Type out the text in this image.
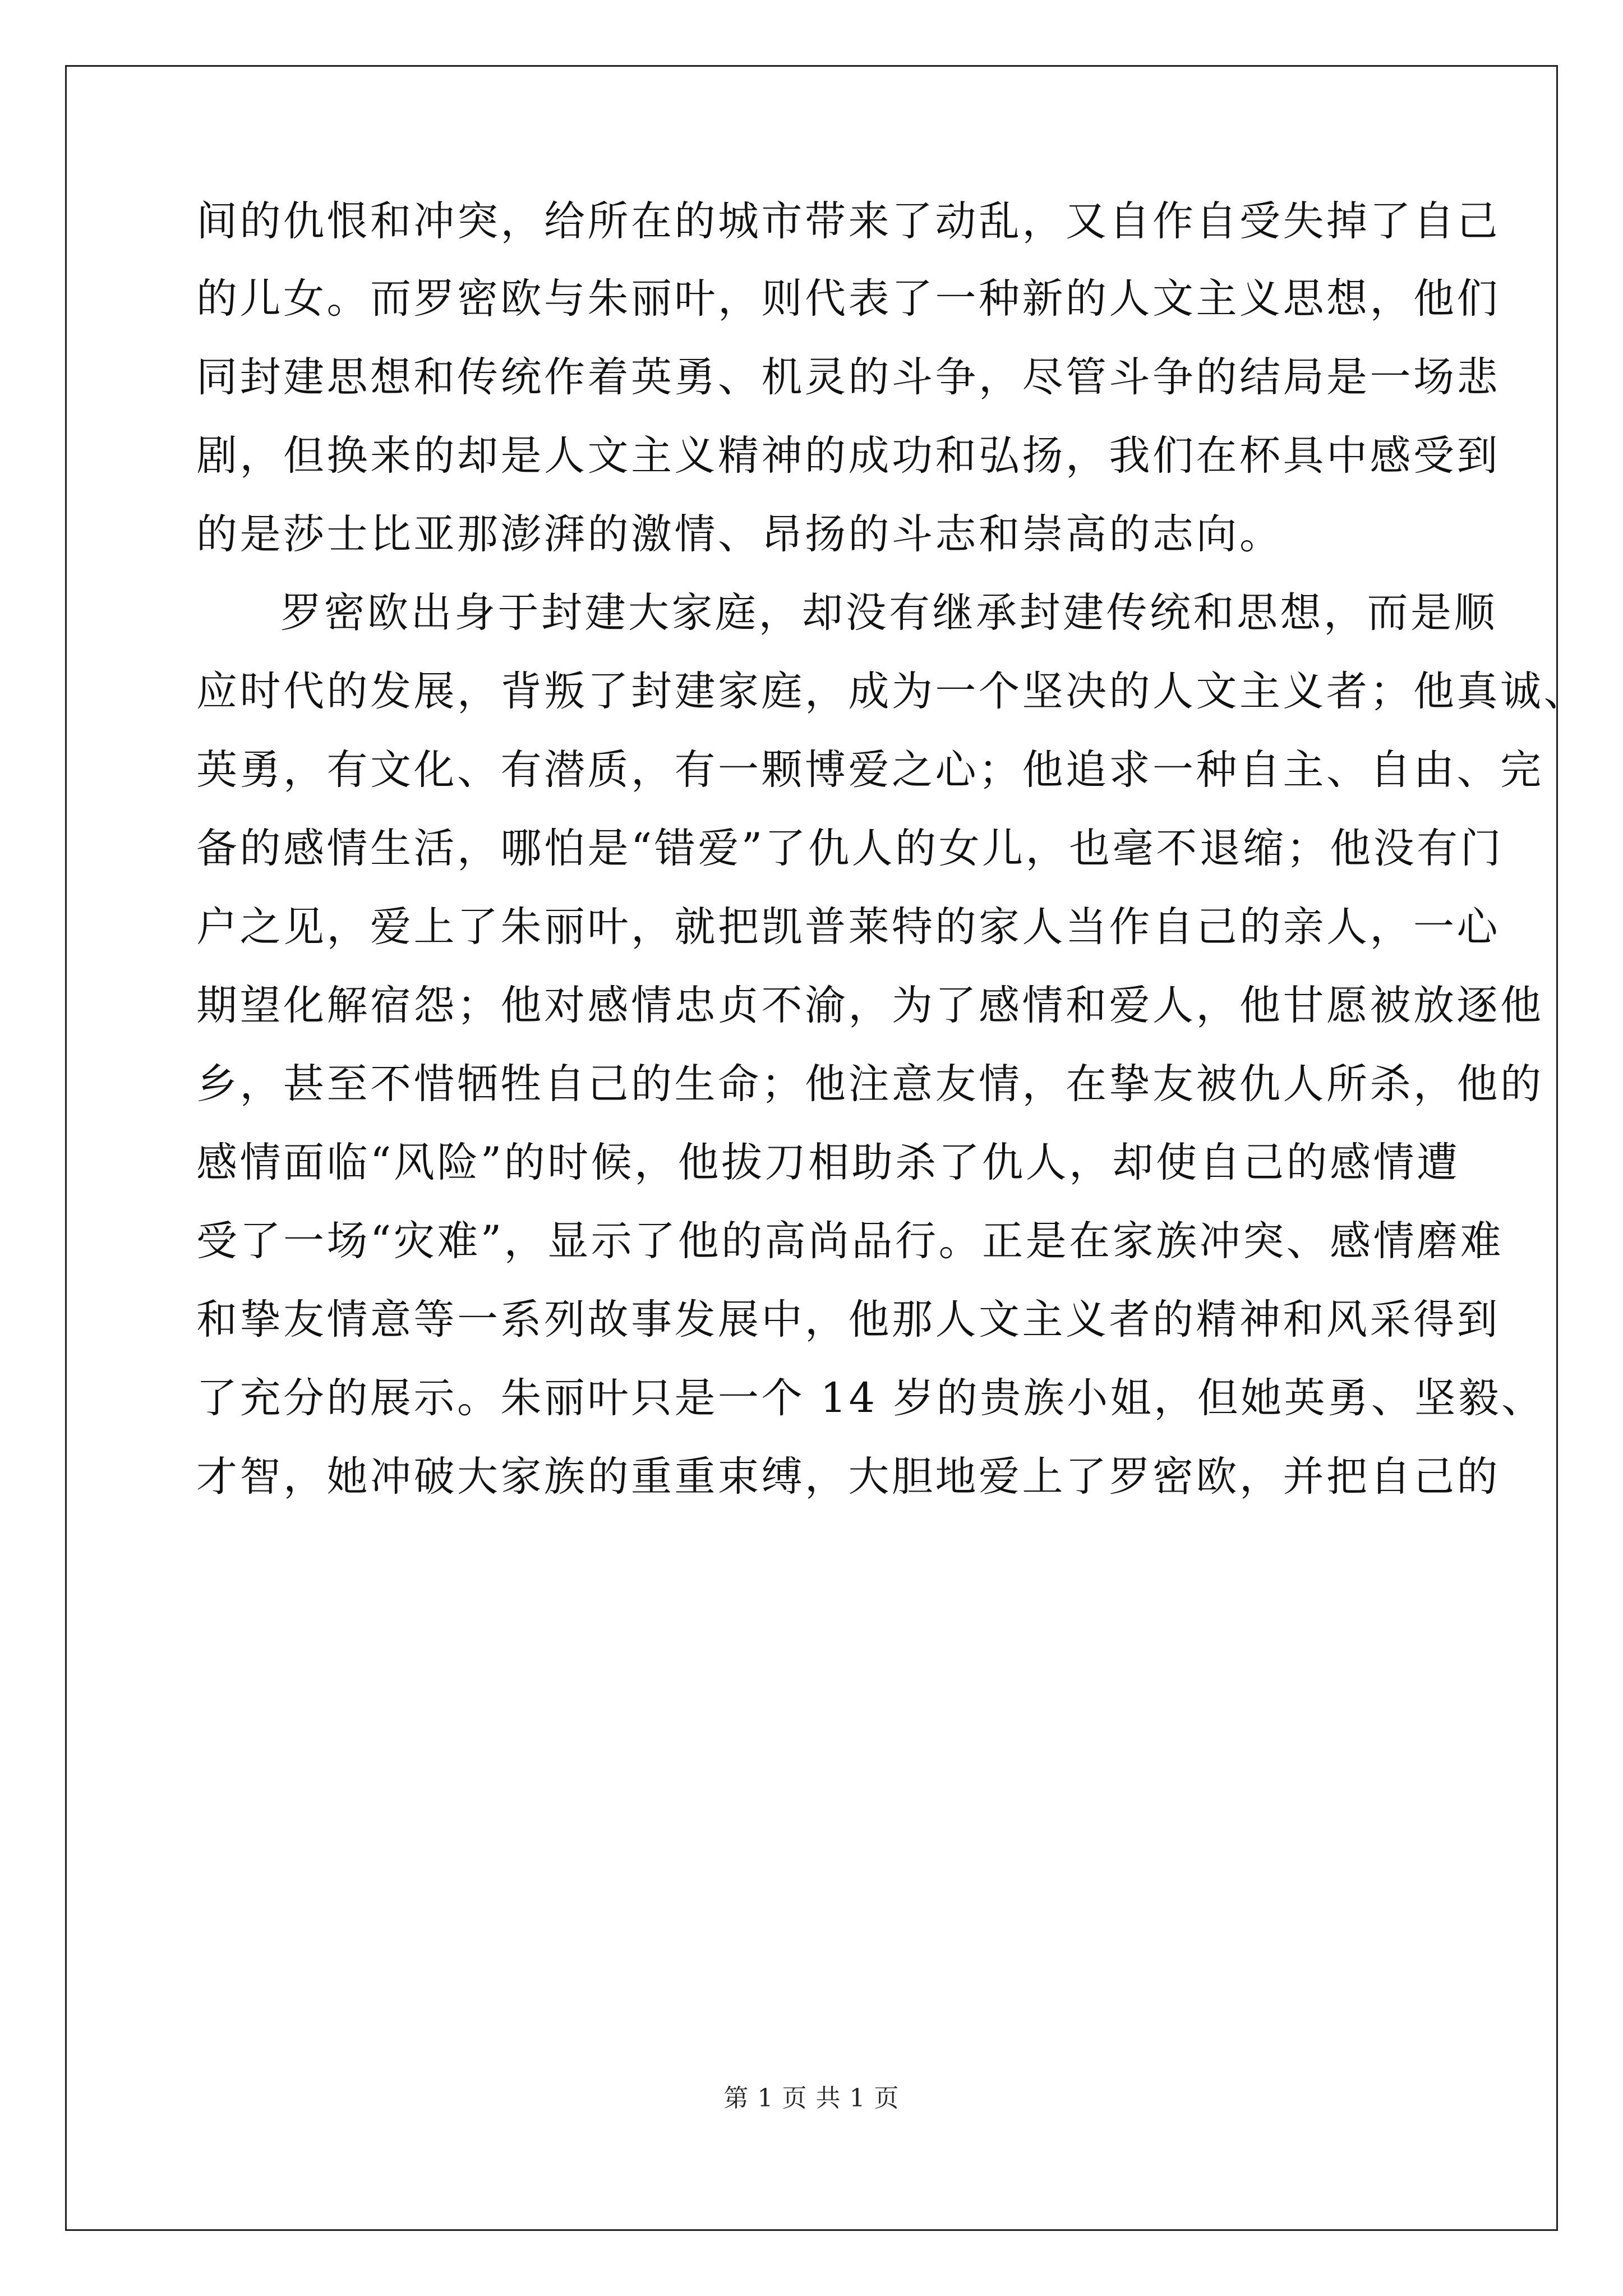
间的仇恨和冲突，给所在的城市带来了动乱，又自作自受失掉了自己
的儿女。而罗密欧与朱丽叶，则代表了一种新的人文主义思想，他们
同封建思想和传统作着英勇、机灵的斗争，尽管斗争的结局是一场悲
剧，但换来的却是人文主义精神的成功和弘扬，我们在杯具中感受到
的是莎士比亚那澎湃的激情、昂扬的斗志和崇高的志向。
罗密欧出身于封建大家庭，却没有继承封建传统和思想，而是顺
应时代的发展，背叛了封建家庭，成为一个坚决的人文主义者；他真诚、
英勇，有文化、有潜质，有一颗博爱之心；他追求一种自主、自由、完
备的感情生活，哪怕是“错爱”了仇人的女儿，也毫不退缩；他没有门
户之见，爱上了朱丽叶，就把凯普莱特的家人当作自己的亲人，一心
期望化解宿怨；他对感情忠贞不渝，为了感情和爱人，他甘愿被放逐他
乡，甚至不惜牺牲自己的生命；他注意友情，在挚友被仇人所杀，他的
感情面临“风险”的时候，他拔刀相助杀了仇人，却使自己的感情遭
受了一场“灾难”，显示了他的高尚品行。正是在家族冲突、感情磨难
和挚友情意等一系列故事发展中，他那人文主义者的精神和风采得到
了充分的展示。朱丽叶只是一个 14 岁的贵族小姐，但她英勇、坚毅、
才智，她冲破大家族的重重束缚，大胆地爱上了罗密欧，并把自己的
第 1 页 共 1 页
